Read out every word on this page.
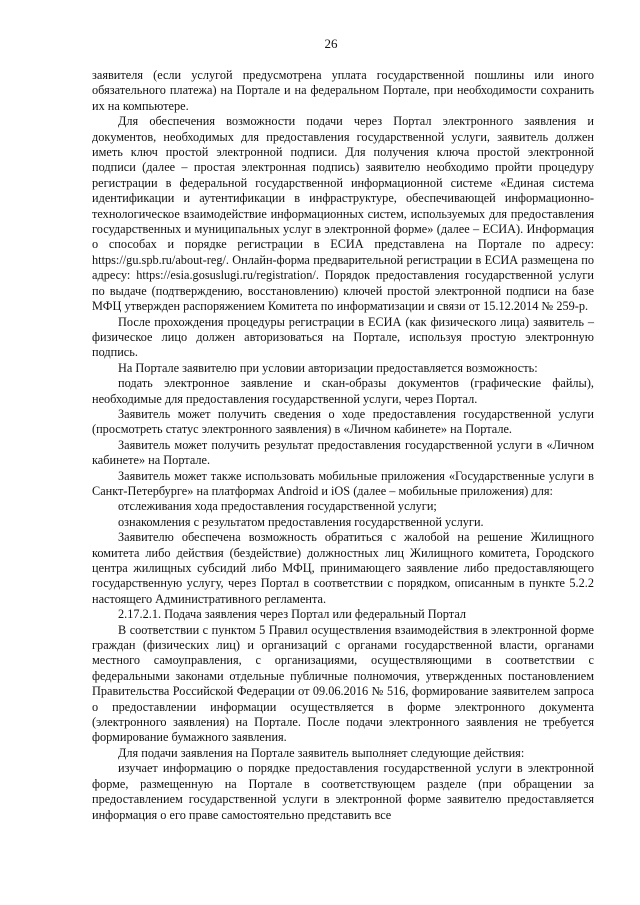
26

заявителя (если услугой предусмотрена уплата государственной пошлины или иного обязательного платежа) на Портале и на федеральном Портале, при необходимости сохранить их на компьютере.

Для обеспечения возможности подачи через Портал электронного заявления и документов, необходимых для предоставления государственной услуги, заявитель должен иметь ключ простой электронной подписи. Для получения ключа простой электронной подписи (далее – простая электронная подпись) заявителю необходимо пройти процедуру регистрации в федеральной государственной информационной системе «Единая система идентификации и аутентификации в инфраструктуре, обеспечивающей информационно-технологическое взаимодействие информационных систем, используемых для предоставления государственных и муниципальных услуг в электронной форме» (далее – ЕСИА). Информация о способах и порядке регистрации в ЕСИА представлена на Портале по адресу: https://gu.spb.ru/about-reg/. Онлайн-форма предварительной регистрации в ЕСИА размещена по адресу: https://esia.gosuslugi.ru/registration/. Порядок предоставления государственной услуги по выдаче (подтверждению, восстановлению) ключей простой электронной подписи на базе МФЦ утвержден распоряжением Комитета по информатизации и связи от 15.12.2014 № 259-р.

После прохождения процедуры регистрации в ЕСИА (как физического лица) заявитель – физическое лицо должен авторизоваться на Портале, используя простую электронную подпись.

На Портале заявителю при условии авторизации предоставляется возможность:

подать электронное заявление и скан-образы документов (графические файлы), необходимые для предоставления государственной услуги, через Портал.

Заявитель может получить сведения о ходе предоставления государственной услуги (просмотреть статус электронного заявления) в «Личном кабинете» на Портале.

Заявитель может получить результат предоставления государственной услуги в «Личном кабинете» на Портале.

Заявитель может также использовать мобильные приложения «Государственные услуги в Санкт-Петербурге» на платформах Android и iOS (далее – мобильные приложения) для:

отслеживания хода предоставления государственной услуги;

ознакомления с результатом предоставления государственной услуги.

Заявителю обеспечена возможность обратиться с жалобой на решение Жилищного комитета либо действия (бездействие) должностных лиц Жилищного комитета, Городского центра жилищных субсидий либо МФЦ, принимающего заявление либо предоставляющего государственную услугу, через Портал в соответствии с порядком, описанным в пункте 5.2.2 настоящего Административного регламента.

2.17.2.1. Подача заявления через Портал или федеральный Портал

В соответствии с пунктом 5 Правил осуществления взаимодействия в электронной форме граждан (физических лиц) и организаций с органами государственной власти, органами местного самоуправления, с организациями, осуществляющими в соответствии с федеральными законами отдельные публичные полномочия, утвержденных постановлением Правительства Российской Федерации от 09.06.2016 № 516, формирование заявителем запроса о предоставлении информации осуществляется в форме электронного документа (электронного заявления) на Портале. После подачи электронного заявления не требуется формирование бумажного заявления.

Для подачи заявления на Портале заявитель выполняет следующие действия:

изучает информацию о порядке предоставления государственной услуги в электронной форме, размещенную на Портале в соответствующем разделе (при обращении за предоставлением государственной услуги в электронной форме заявителю предоставляется информация о его праве самостоятельно представить все
